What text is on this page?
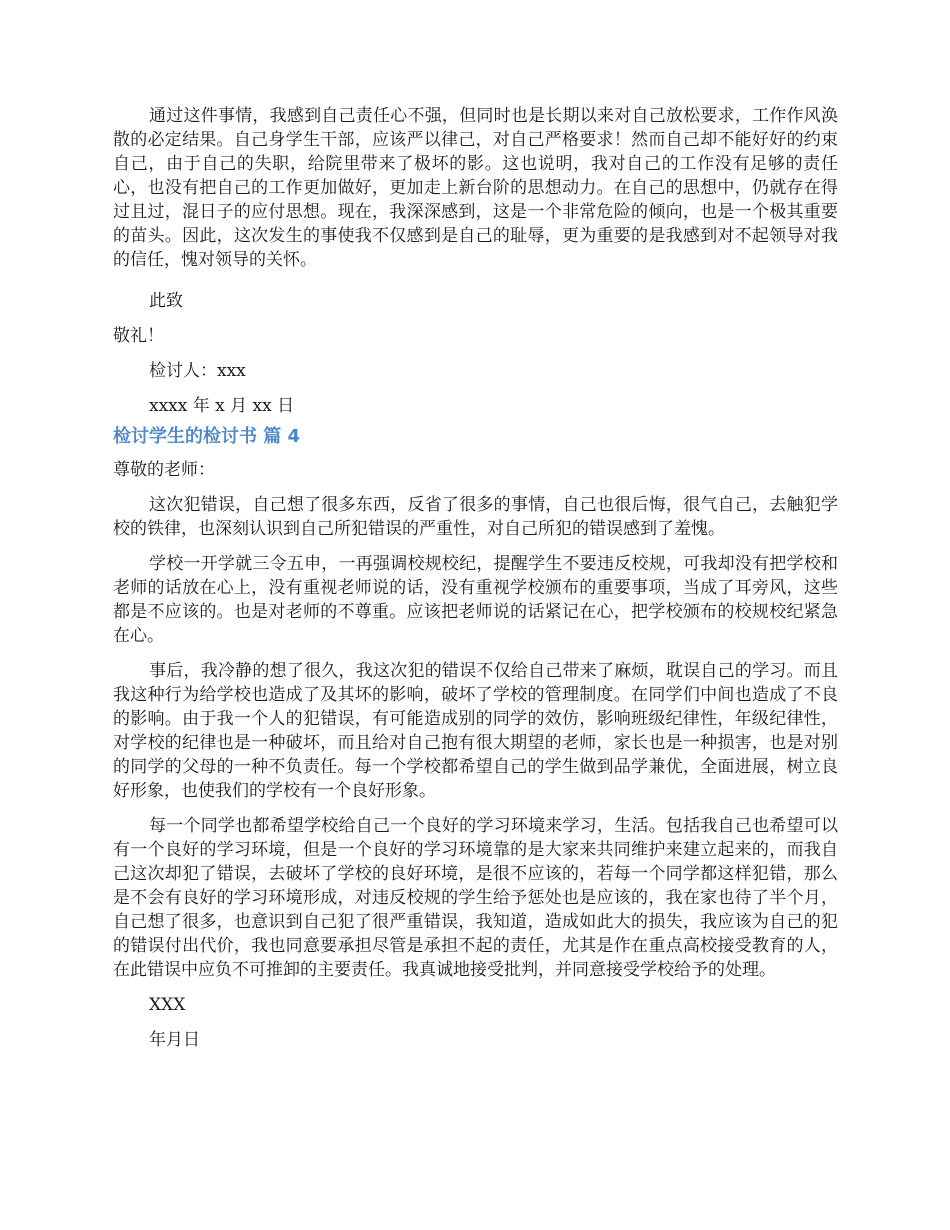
通过这件事情，我感到自己责任心不强，但同时也是长期以来对自己放松要求，工作作风涣散的必定结果。自己身学生干部，应该严以律己，对自己严格要求！然而自己却不能好好的约束自己，由于自己的失职，给院里带来了极坏的影。这也说明，我对自己的工作没有足够的责任心，也没有把自己的工作更加做好，更加走上新台阶的思想动力。在自己的思想中，仍就存在得过且过，混日子的应付思想。现在，我深深感到，这是一个非常危险的倾向，也是一个极其重要的苗头。因此，这次发生的事使我不仅感到是自己的耻辱，更为重要的是我感到对不起领导对我的信任，愧对领导的关怀。

此致

敬礼！

检讨人：xxx

xxxx 年 x 月 xx 日

检讨学生的检讨书 篇 4

尊敬的老师：

这次犯错误，自己想了很多东西，反省了很多的事情，自己也很后悔，很气自己，去触犯学校的铁律，也深刻认识到自己所犯错误的严重性，对自己所犯的错误感到了羞愧。

学校一开学就三令五申，一再强调校规校纪，提醒学生不要违反校规，可我却没有把学校和老师的话放在心上，没有重视老师说的话，没有重视学校颁布的重要事项，当成了耳旁风，这些都是不应该的。也是对老师的不尊重。应该把老师说的话紧记在心，把学校颁布的校规校纪紧急在心。

事后，我冷静的想了很久，我这次犯的错误不仅给自己带来了麻烦，耽误自己的学习。而且我这种行为给学校也造成了及其坏的影响，破坏了学校的管理制度。在同学们中间也造成了不良的影响。由于我一个人的犯错误，有可能造成别的同学的效仿，影响班级纪律性，年级纪律性，对学校的纪律也是一种破坏，而且给对自己抱有很大期望的老师，家长也是一种损害，也是对别的同学的父母的一种不负责任。每一个学校都希望自己的学生做到品学兼优，全面进展，树立良好形象，也使我们的学校有一个良好形象。

每一个同学也都希望学校给自己一个良好的学习环境来学习，生活。包括我自己也希望可以有一个良好的学习环境，但是一个良好的学习环境靠的是大家来共同维护来建立起来的，而我自己这次却犯了错误，去破坏了学校的良好环境，是很不应该的，若每一个同学都这样犯错，那么是不会有良好的学习环境形成，对违反校规的学生给予惩处也是应该的，我在家也待了半个月，自己想了很多，也意识到自己犯了很严重错误，我知道，造成如此大的损失，我应该为自己的犯的错误付出代价，我也同意要承担尽管是承担不起的责任，尤其是作在重点高校接受教育的人，在此错误中应负不可推卸的主要责任。我真诚地接受批判，并同意接受学校给予的处理。

XXX

年月日
